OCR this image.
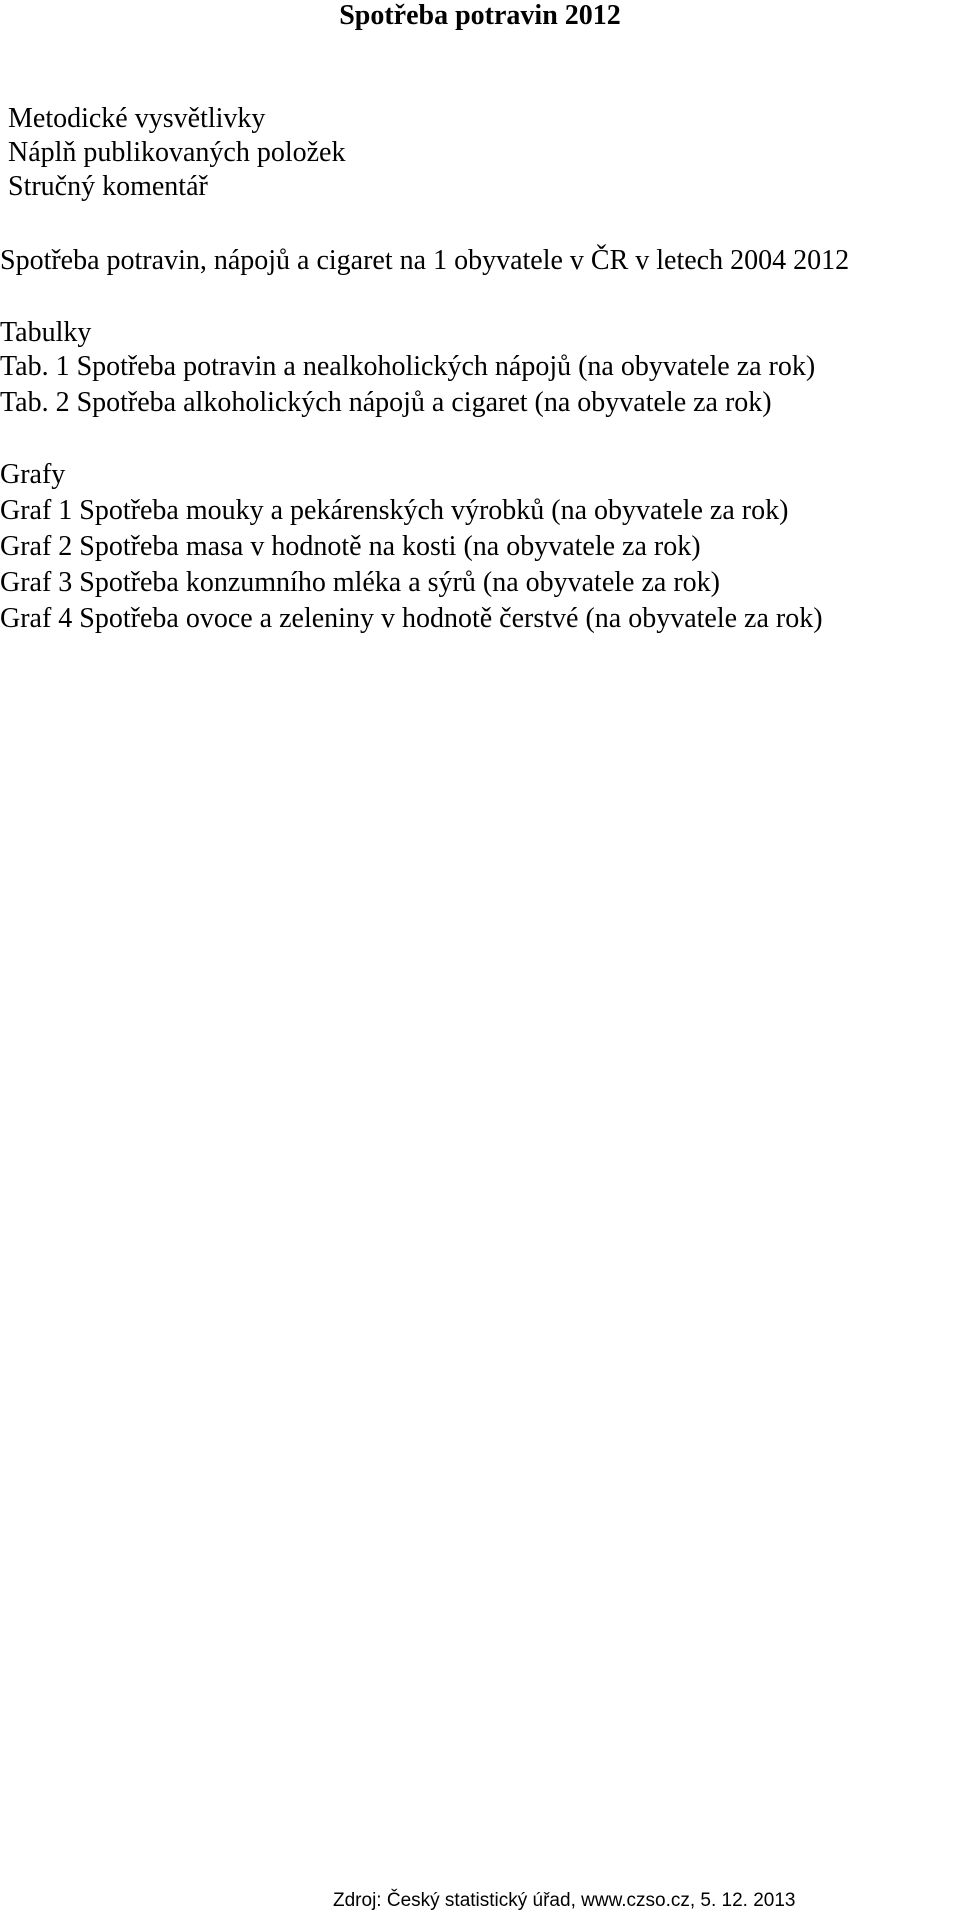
Spotřeba potravin 2012

Metodické vysvětlivky

Náplň publikovaných položek

Stručný komentář

Spotřeba potravin, nápojů a cigaret na 1 obyvatele v ČR v letech 2004 2012

Tabulky

Tab. 1 Spotřeba potravin a nealkoholických nápojů (na obyvatele za rok)

Tab. 2 Spotřeba alkoholických nápojů a cigaret (na obyvatele za rok)

Grafy

Graf 1 Spotřeba mouky a pekárenských výrobků (na obyvatele za rok)

Graf 2 Spotřeba masa v hodnotě na kosti (na obyvatele za rok)

Graf 3 Spotřeba konzumního mléka a sýrů (na obyvatele za rok)

Graf 4 Spotřeba ovoce a zeleniny v hodnotě čerstvé (na obyvatele za rok)

Zdroj: Český statistický úřad, www.czso.cz, 5. 12. 2013
